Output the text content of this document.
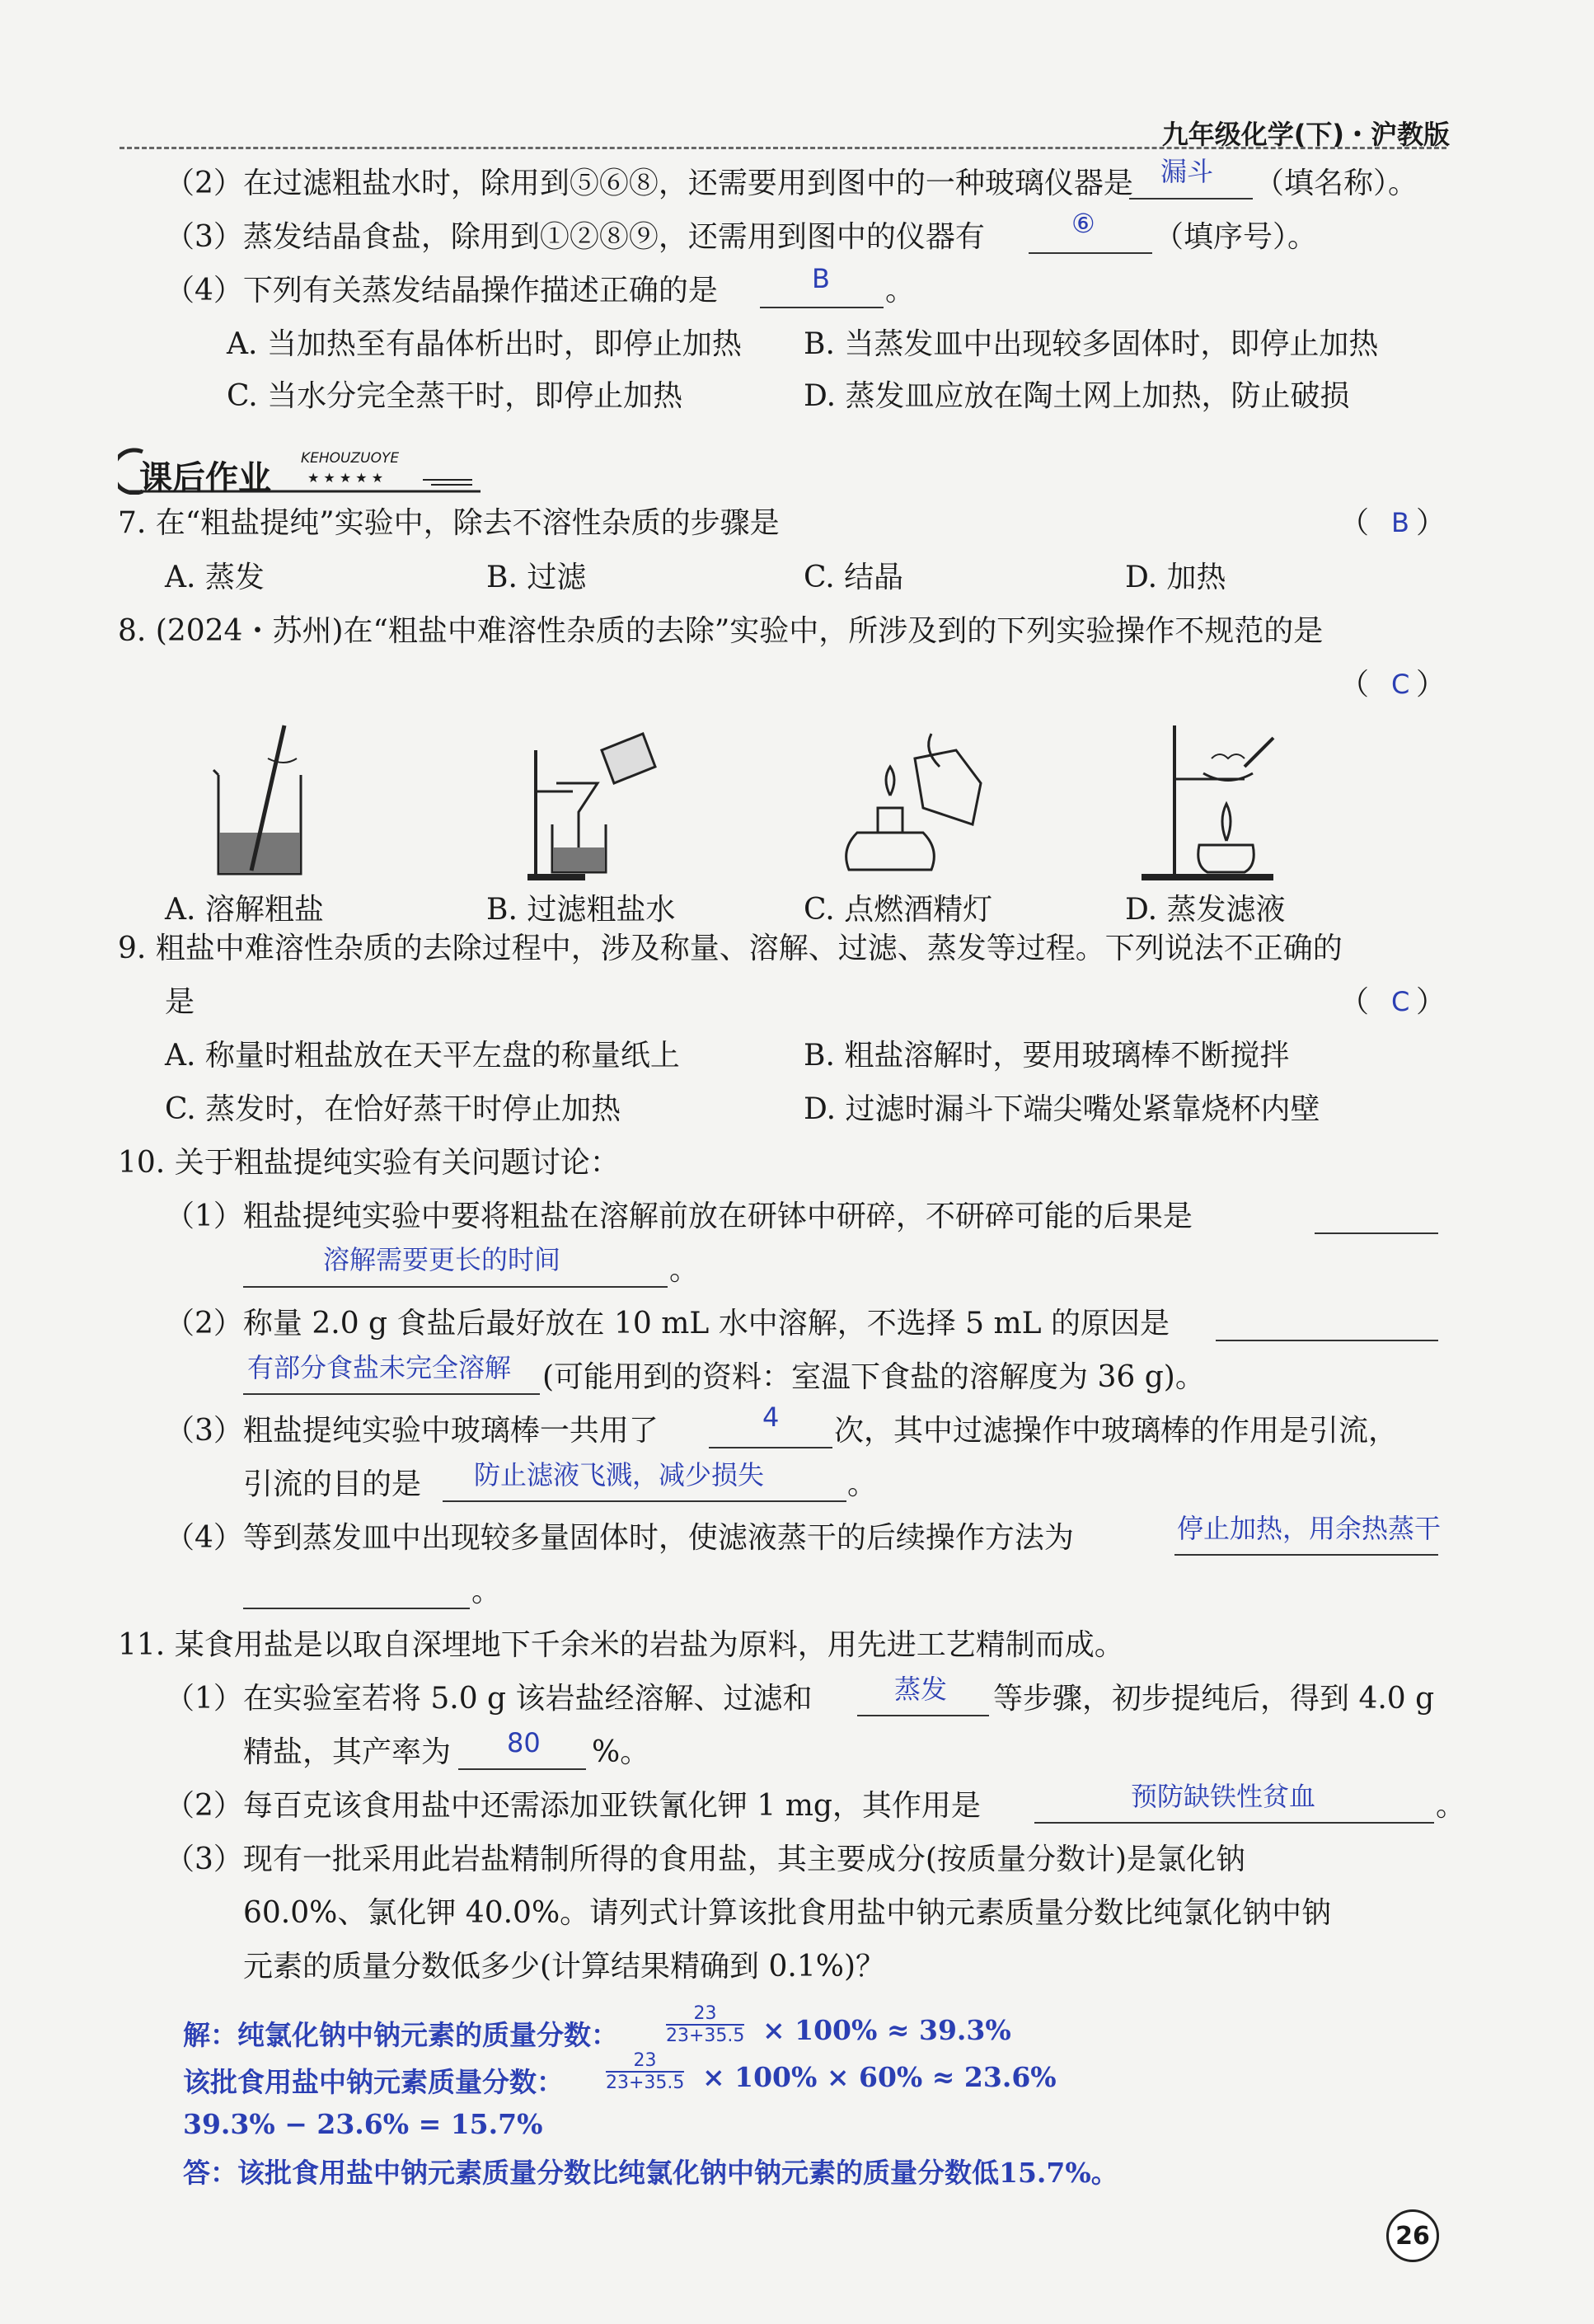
九年级化学(下)・沪教版
（2）在过滤粗盐水时，除用到⑤⑥⑧，还需要用到图中的一种玻璃仪器是 漏斗 （填名称）。
（3）蒸发结晶食盐，除用到①②⑧⑨，还需用到图中的仪器有	⑥ （填序号）。
（4）下列有关蒸发结晶操作描述正确的是	B 。
A. 当加热至有晶体析出时，即停止加热 B. 当蒸发皿中出现较多固体时，即停止加热
C. 当水分完全蒸干时，即停止加热	D. 蒸发皿应放在陶土网上加热，防止破损
课后作业
KEHOUZUOYE
★ ★ ★ ★ ★
7. 在“粗盐提纯”实验中，除去不溶性杂质的步骤是	（ B ）
A. 蒸发	B. 过滤	C. 结晶	D. 加热
8. (2024・苏州)在“粗盐中难溶性杂质的去除”实验中，所涉及到的下列实验操作不规范的是
（ C ）
A. 溶解粗盐	B. 过滤粗盐水	C. 点燃酒精灯	D. 蒸发滤液
9. 粗盐中难溶性杂质的去除过程中，涉及称量、溶解、过滤、蒸发等过程。下列说法不正确的
是	（ C ）
A. 称量时粗盐放在天平左盘的称量纸上	B. 粗盐溶解时，要用玻璃棒不断搅拌
C. 蒸发时，在恰好蒸干时停止加热	D. 过滤时漏斗下端尖嘴处紧靠烧杯内壁
10. 关于粗盐提纯实验有关问题讨论：
（1）粗盐提纯实验中要将粗盐在溶解前放在研钵中研碎，不研碎可能的后果是
溶解需要更长的时间	。
（2）称量 2.0 g 食盐后最好放在 10 mL 水中溶解，不选择 5 mL 的原因是
有部分食盐未完全溶解 (可能用到的资料：室温下食盐的溶解度为 36 g)。
（3）粗盐提纯实验中玻璃棒一共用了	4 次，其中过滤操作中玻璃棒的作用是引流，
引流的目的是 防止滤液飞溅，减少损失	。
（4）等到蒸发皿中出现较多量固体时，使滤液蒸干的后续操作方法为	停止加热，用余热蒸干
。
11. 某食用盐是以取自深埋地下千余米的岩盐为原料，用先进工艺精制而成。
（1）在实验室若将 5.0 g 该岩盐经溶解、过滤和	蒸发 等步骤，初步提纯后，得到 4.0 g
精盐，其产率为 80 %。
（2）每百克该食用盐中还需添加亚铁氰化钾 1 mg，其作用是	预防缺铁性贫血	。
（3）现有一批采用此岩盐精制所得的食用盐，其主要成分(按质量分数计)是氯化钠
60.0%、氯化钾 40.0%。请列式计算该批食用盐中钠元素质量分数比纯氯化钠中钠
元素的质量分数低多少(计算结果精确到 0.1%)？
解：纯氯化钠中钠元素的质量分数：	$\frac{23}{23+35.5} \times 100\% \approx 39.3\%$
该批食用盐中钠元素质量分数： $\frac{23}{23+35.5} \times 100\% \times 60\% \approx 23.6\%$
39.3% − 23.6% = 15.7%
答：该批食用盐中钠元素质量分数比纯氯化钠中钠元素的质量分数低15.7%。
26
